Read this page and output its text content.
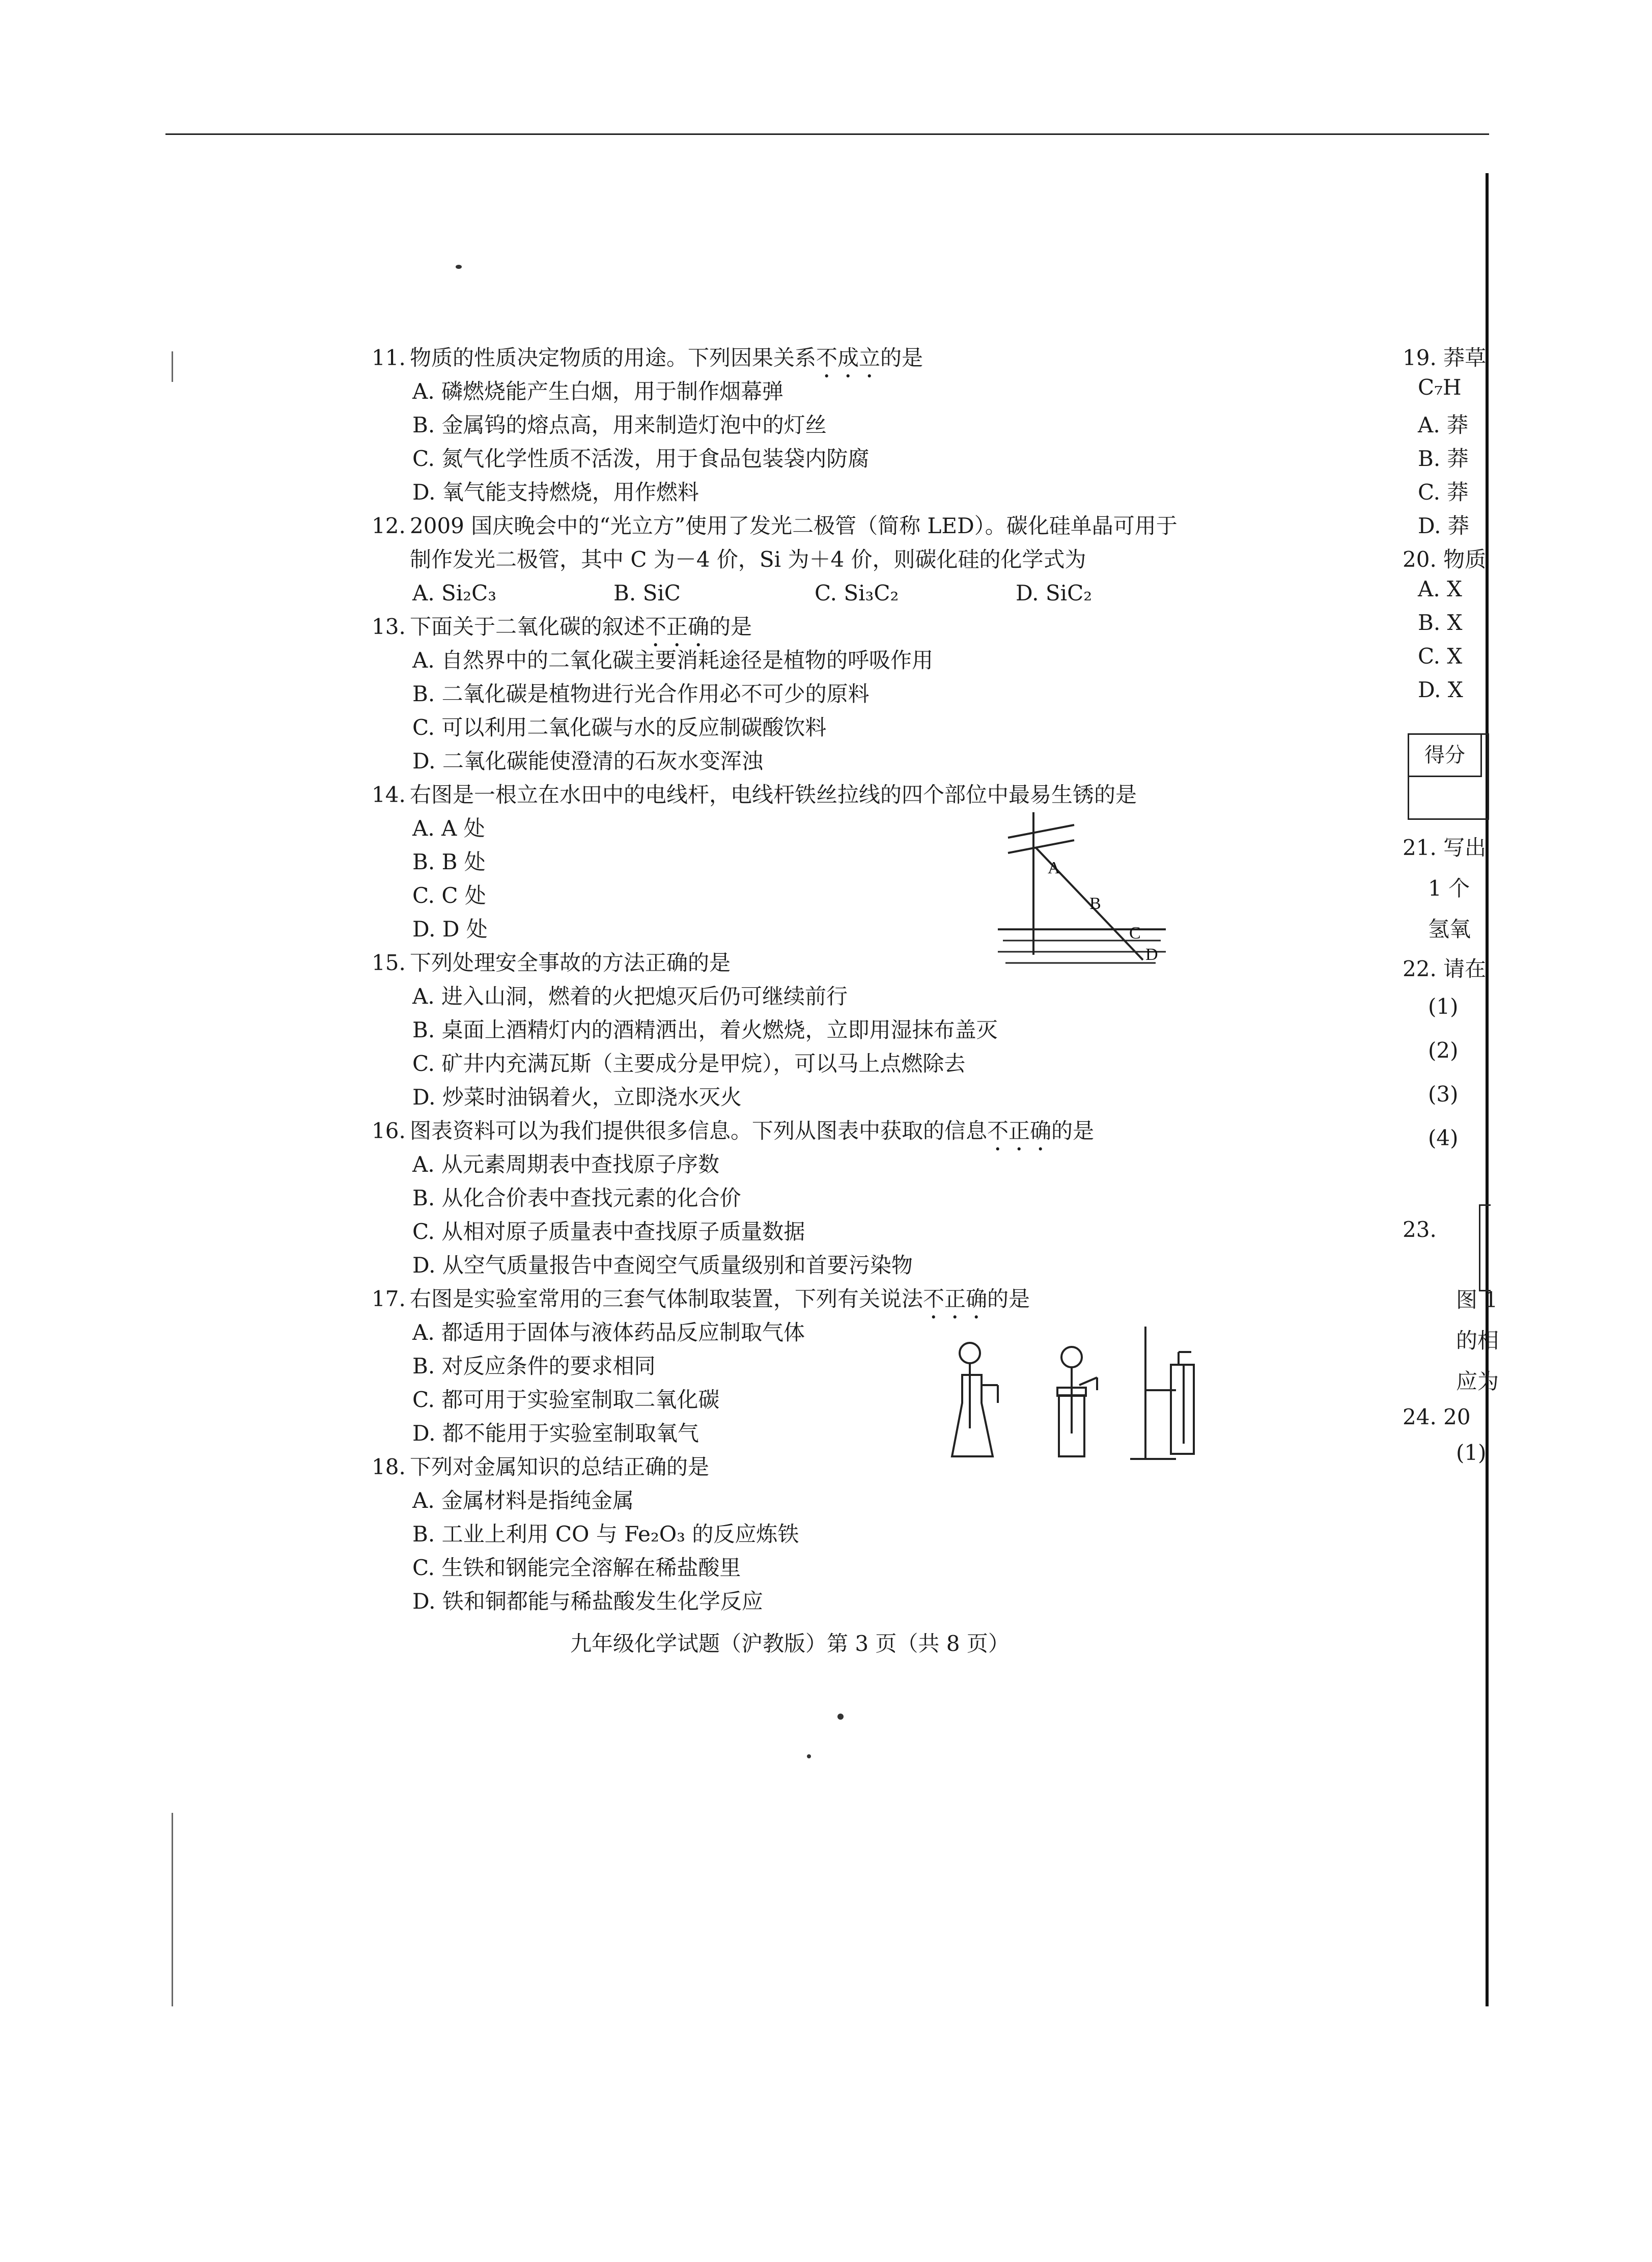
11. 物质的性质决定物质的用途。下列因果关系不成立的是
A. 磷燃烧能产生白烟，用于制作烟幕弹
B. 金属钨的熔点高，用来制造灯泡中的灯丝
C. 氮气化学性质不活泼，用于食品包装袋内防腐
D. 氧气能支持燃烧，用作燃料
12. 2009 国庆晚会中的“光立方”使用了发光二极管（简称 LED）。碳化硅单晶可用于
制作发光二极管，其中 C 为－4 价，Si 为＋4 价，则碳化硅的化学式为
A. Si₂C₃	B. SiC	C. Si₃C₂	D. SiC₂
13. 下面关于二氧化碳的叙述不正确的是
A. 自然界中的二氧化碳主要消耗途径是植物的呼吸作用
B. 二氧化碳是植物进行光合作用必不可少的原料
C. 可以利用二氧化碳与水的反应制碳酸饮料
D. 二氧化碳能使澄清的石灰水变浑浊
14. 右图是一根立在水田中的电线杆，电线杆铁丝拉线的四个部位中最易生锈的是
A. A 处
B. B 处
C. C 处
D. D 处
15. 下列处理安全事故的方法正确的是
A. 进入山洞，燃着的火把熄灭后仍可继续前行
B. 桌面上酒精灯内的酒精洒出，着火燃烧，立即用湿抹布盖灭
C. 矿井内充满瓦斯（主要成分是甲烷），可以马上点燃除去
D. 炒菜时油锅着火，立即浇水灭火
16. 图表资料可以为我们提供很多信息。下列从图表中获取的信息不正确的是
A. 从元素周期表中查找原子序数
B. 从化合价表中查找元素的化合价
C. 从相对原子质量表中查找原子质量数据
D. 从空气质量报告中查阅空气质量级别和首要污染物
17. 右图是实验室常用的三套气体制取装置，下列有关说法不正确的是
A. 都适用于固体与液体药品反应制取气体
B. 对反应条件的要求相同
C. 都可用于实验室制取二氧化碳
D. 都不能用于实验室制取氧气
18. 下列对金属知识的总结正确的是
A. 金属材料是指纯金属
B. 工业上利用 CO 与 Fe₂O₃ 的反应炼铁
C. 生铁和钢能完全溶解在稀盐酸里
D. 铁和铜都能与稀盐酸发生化学反应
A
B
C
D
九年级化学试题（沪教版）第 3 页（共 8 页）
19. 莽草
C₇H
A. 莽
B. 莽
C. 莽
D. 莽
20. 物质
A. X
B. X
C. X
D. X
21. 写出
1 个
氢氧
22. 请在
(1)
(2)
(3)
(4)
23.
图 1
的相
应为
24. 20
(1)
得分
